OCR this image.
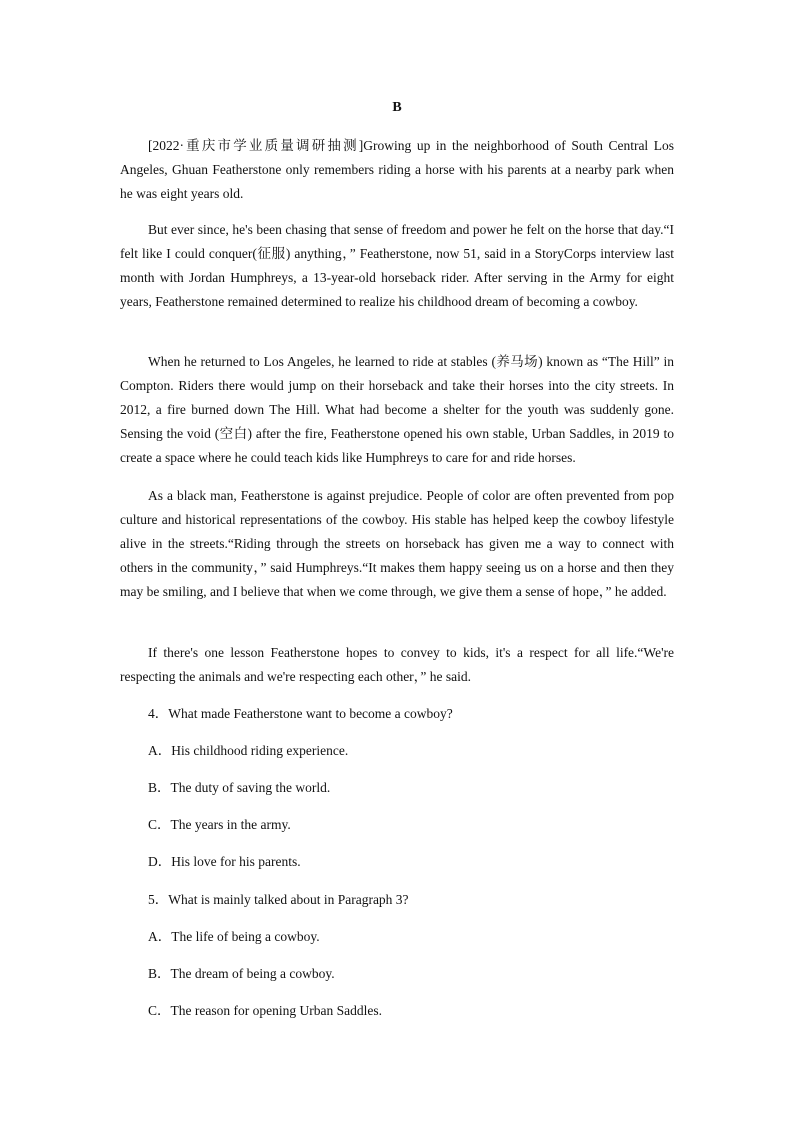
B

[2022·重庆市学业质量调研抽测]Growing up in the neighborhood of South Central Los Angeles, Ghuan Featherstone only remembers riding a horse with his parents at a nearby park when he was eight years old.

But ever since, he's been chasing that sense of freedom and power he felt on the horse that day.“I felt like I could conquer(征服) anything，” Featherstone, now 51, said in a StoryCorps interview last month with Jordan Humphreys, a 13-year-old horseback rider. After serving in the Army for eight years, Featherstone remained determined to realize his childhood dream of becoming a cowboy.

When he returned to Los Angeles, he learned to ride at stables (养马场) known as “The Hill” in Compton. Riders there would jump on their horseback and take their horses into the city streets. In 2012, a fire burned down The Hill. What had become a shelter for the youth was suddenly gone. Sensing the void (空白) after the fire, Featherstone opened his own stable, Urban Saddles, in 2019 to create a space where he could teach kids like Humphreys to care for and ride horses.

As a black man, Featherstone is against prejudice. People of color are often prevented from pop culture and historical representations of the cowboy. His stable has helped keep the cowboy lifestyle alive in the streets.“Riding through the streets on horseback has given me a way to connect with others in the community，” said Humphreys.“It makes them happy seeing us on a horse and then they may be smiling, and I believe that when we come through, we give them a sense of hope，” he added.

If there's one lesson Featherstone hopes to convey to kids, it's a respect for all life.“We're respecting the animals and we're respecting each other，” he said.

4．What made Featherstone want to become a cowboy?

A．His childhood riding experience.

B．The duty of saving the world.

C．The years in the army.

D．His love for his parents.

5．What is mainly talked about in Paragraph 3?

A．The life of being a cowboy.

B．The dream of being a cowboy.

C．The reason for opening Urban Saddles.
